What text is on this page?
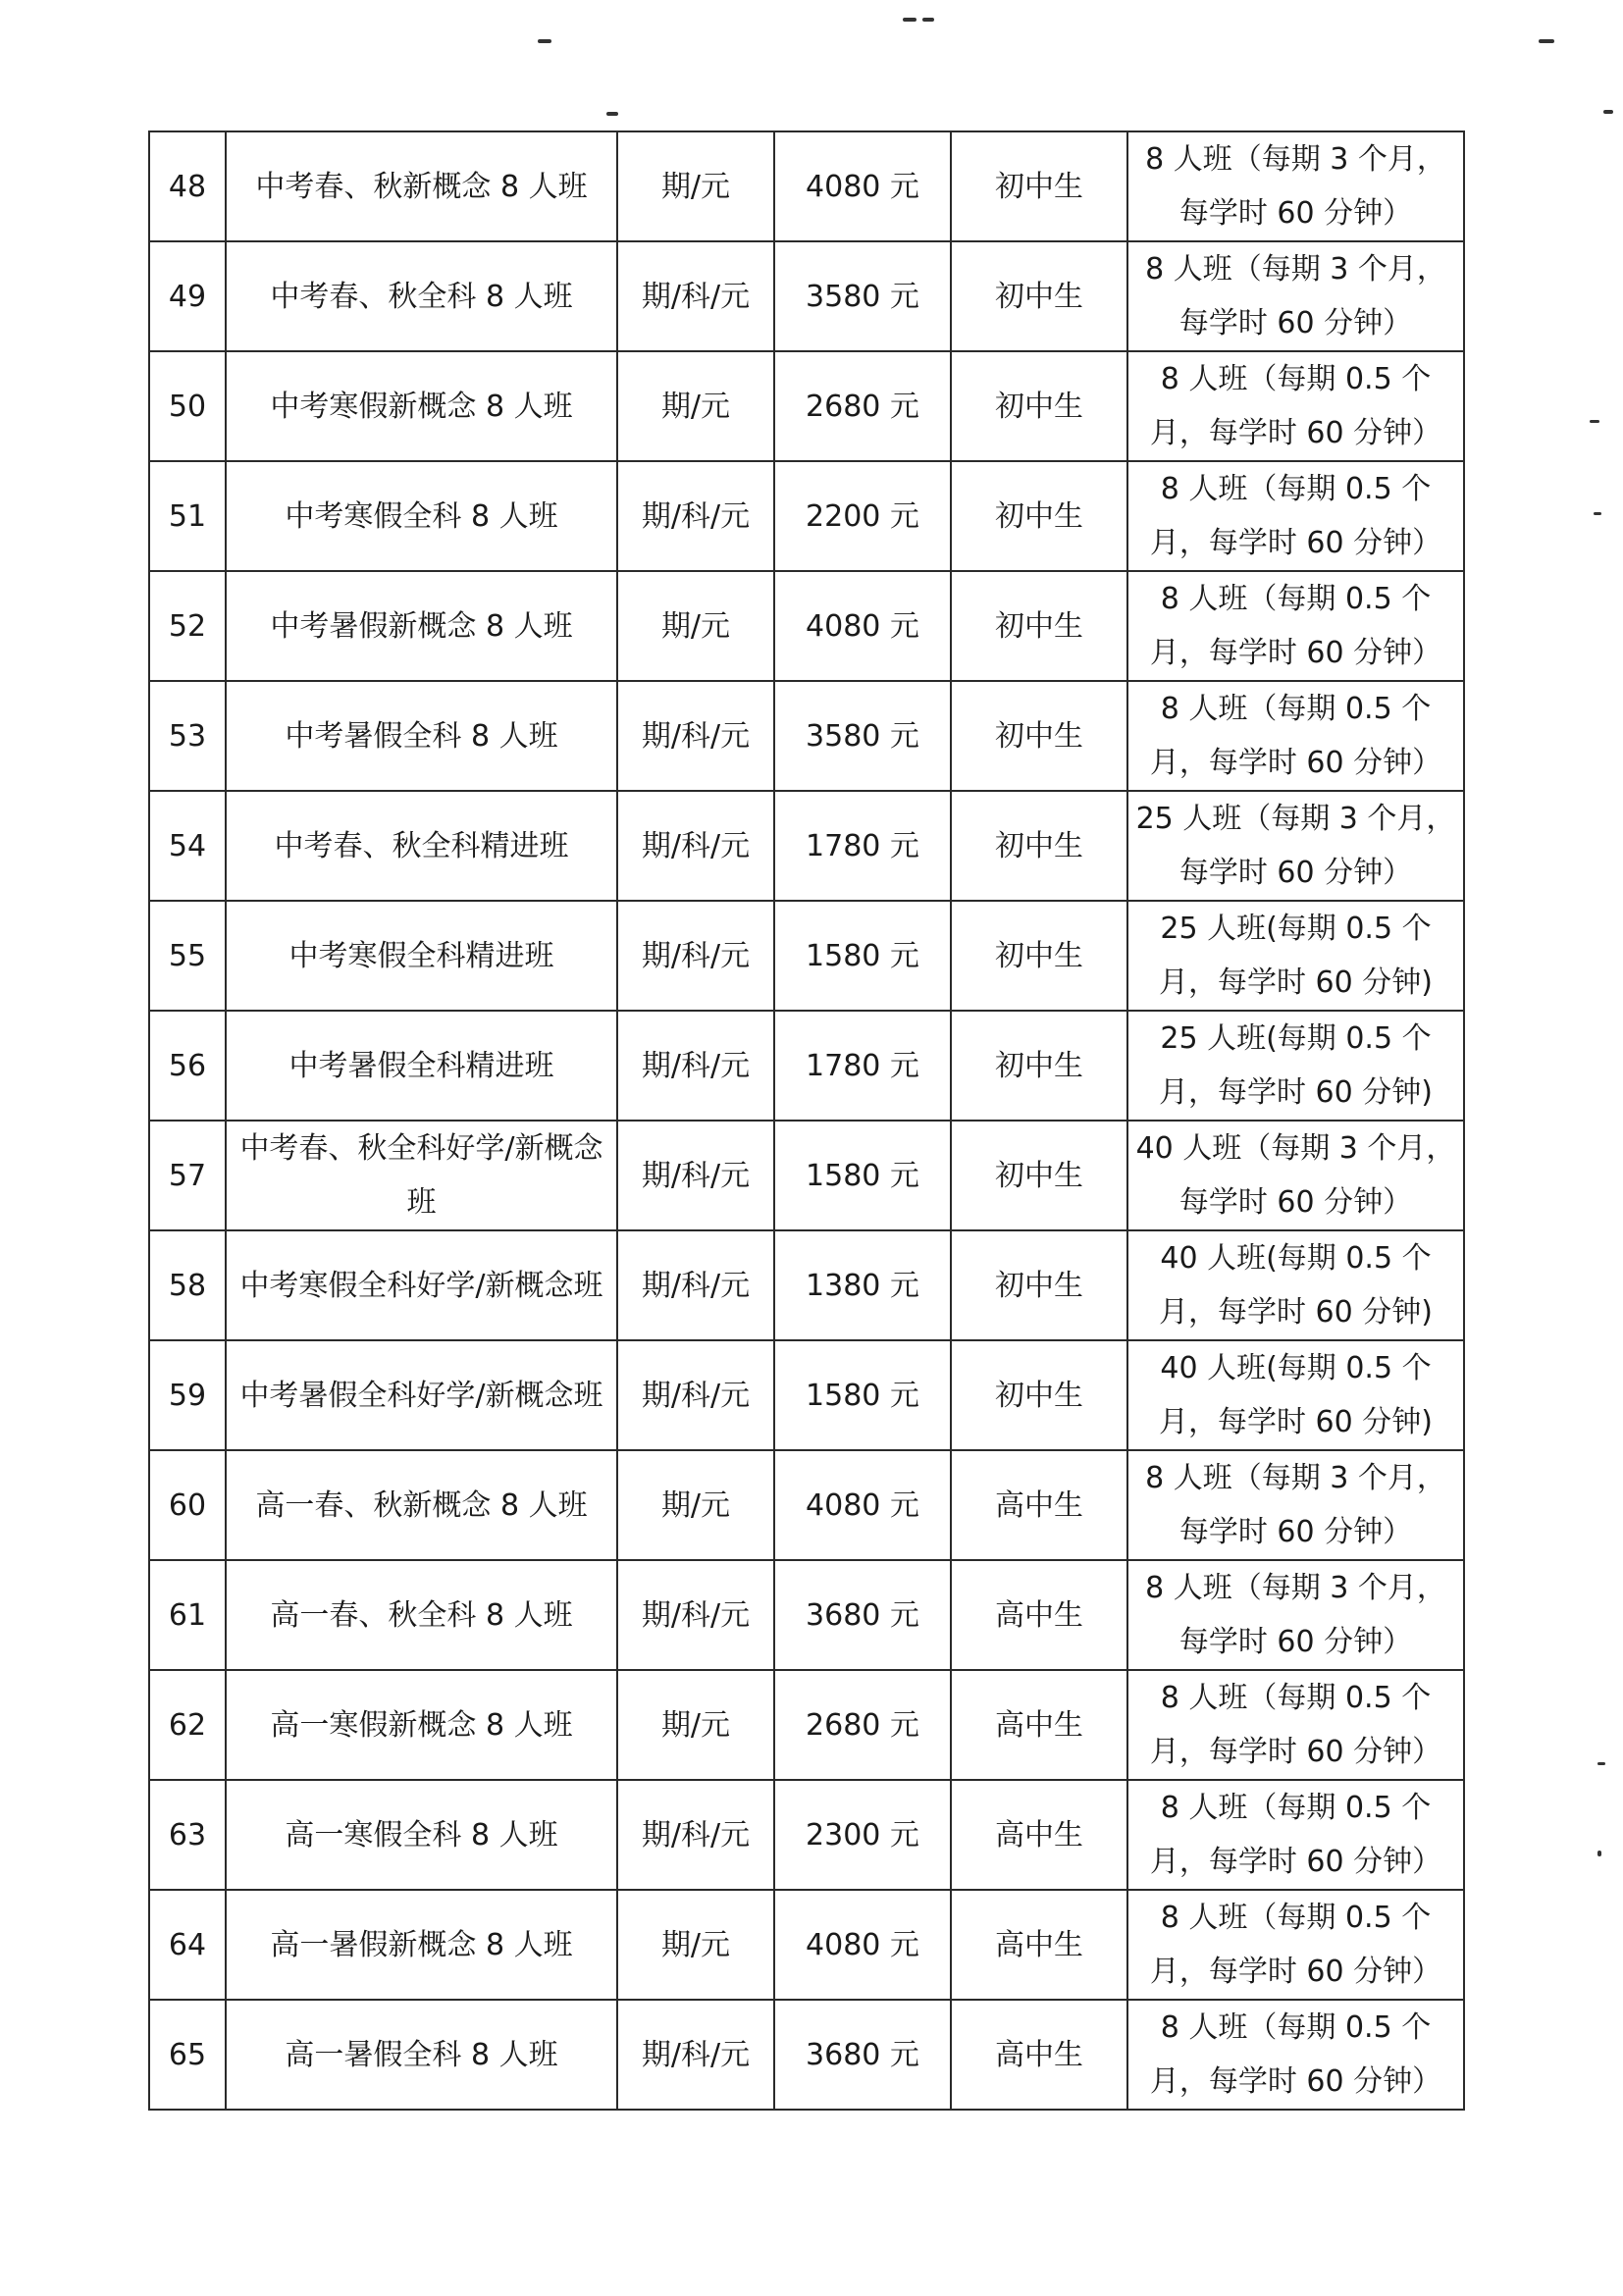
48	中考春、秋新概念 8 人班	期/元	4080 元	初中生	8 人班（每期 3 个月，每学时 60 分钟）
49	中考春、秋全科 8 人班	期/科/元	3580 元	初中生	8 人班（每期 3 个月，每学时 60 分钟）
50	中考寒假新概念 8 人班	期/元	2680 元	初中生	8 人班（每期 0.5 个月，每学时 60 分钟）
51	中考寒假全科 8 人班	期/科/元	2200 元	初中生	8 人班（每期 0.5 个月，每学时 60 分钟）
52	中考暑假新概念 8 人班	期/元	4080 元	初中生	8 人班（每期 0.5 个月，每学时 60 分钟）
53	中考暑假全科 8 人班	期/科/元	3580 元	初中生	8 人班（每期 0.5 个月，每学时 60 分钟）
54	中考春、秋全科精进班	期/科/元	1780 元	初中生	25 人班（每期 3 个月，每学时 60 分钟）
55	中考寒假全科精进班	期/科/元	1580 元	初中生	25 人班(每期 0.5 个月，每学时 60 分钟)
56	中考暑假全科精进班	期/科/元	1780 元	初中生	25 人班(每期 0.5 个月，每学时 60 分钟)
57	中考春、秋全科好学/新概念班	期/科/元	1580 元	初中生	40 人班（每期 3 个月，每学时 60 分钟）
58	中考寒假全科好学/新概念班	期/科/元	1380 元	初中生	40 人班(每期 0.5 个月，每学时 60 分钟)
59	中考暑假全科好学/新概念班	期/科/元	1580 元	初中生	40 人班(每期 0.5 个月，每学时 60 分钟)
60	高一春、秋新概念 8 人班	期/元	4080 元	高中生	8 人班（每期 3 个月，每学时 60 分钟）
61	高一春、秋全科 8 人班	期/科/元	3680 元	高中生	8 人班（每期 3 个月，每学时 60 分钟）
62	高一寒假新概念 8 人班	期/元	2680 元	高中生	8 人班（每期 0.5 个月，每学时 60 分钟）
63	高一寒假全科 8 人班	期/科/元	2300 元	高中生	8 人班（每期 0.5 个月，每学时 60 分钟）
64	高一暑假新概念 8 人班	期/元	4080 元	高中生	8 人班（每期 0.5 个月，每学时 60 分钟）
65	高一暑假全科 8 人班	期/科/元	3680 元	高中生	8 人班（每期 0.5 个月，每学时 60 分钟）
